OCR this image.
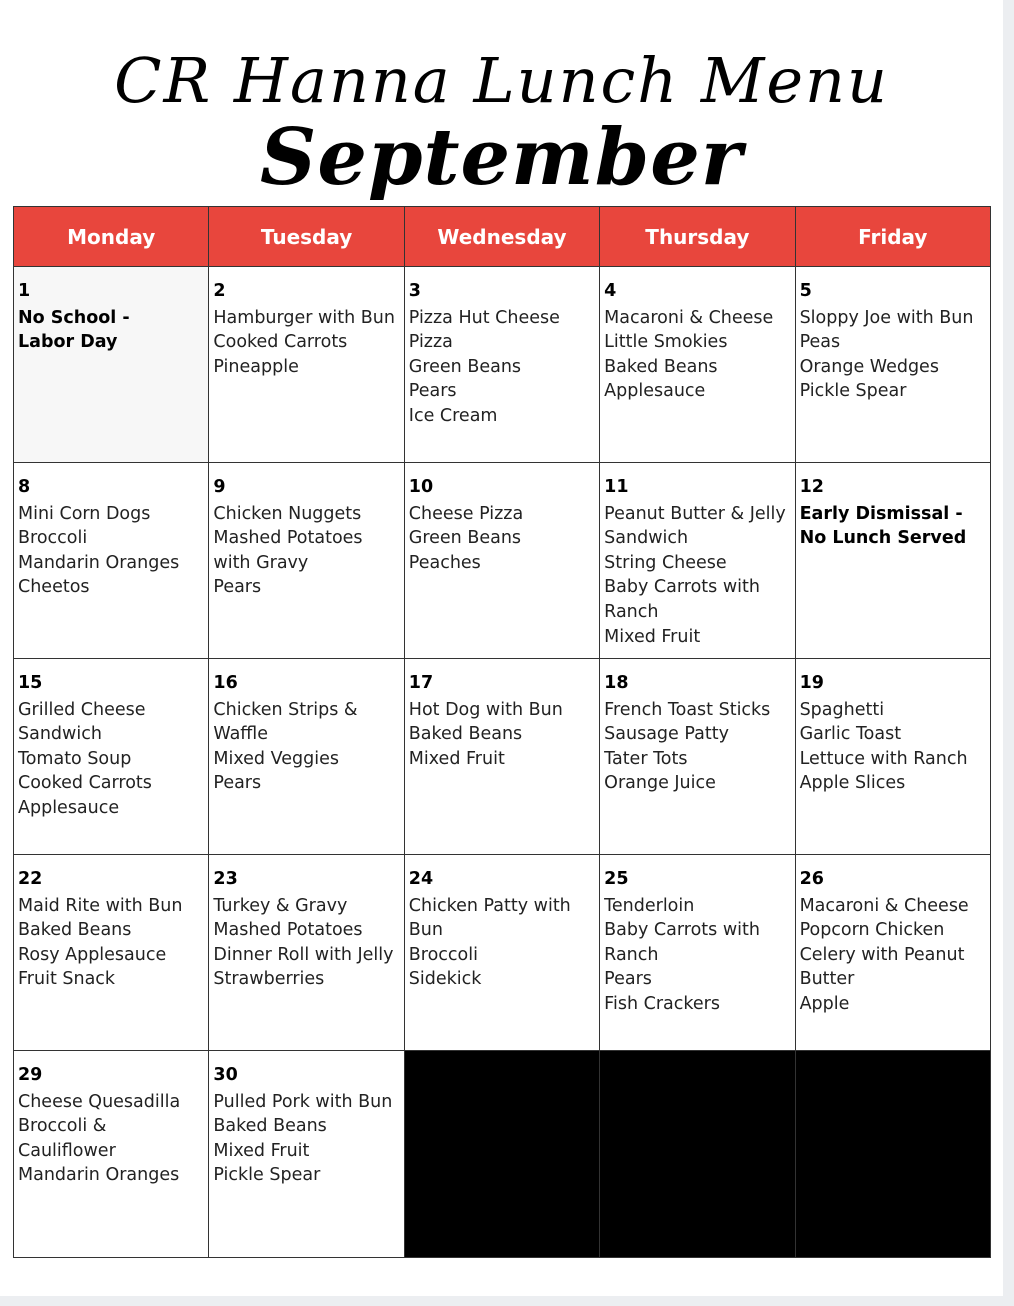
CR Hanna Lunch Menu
September
Monday	Tuesday	Wednesday	Thursday	Friday

1
No School -
Labor Day	2
Hamburger with Bun
Cooked Carrots
Pineapple	3
Pizza Hut Cheese Pizza
Green Beans
Pears
Ice Cream	4
Macaroni & Cheese
Little Smokies
Baked Beans
Applesauce	5
Sloppy Joe with Bun
Peas
Orange Wedges
Pickle Spear

8
Mini Corn Dogs
Broccoli
Mandarin Oranges
Cheetos	9
Chicken Nuggets
Mashed Potatoes with Gravy
Pears	10
Cheese Pizza
Green Beans
Peaches	11
Peanut Butter & Jelly Sandwich
String Cheese
Baby Carrots with Ranch
Mixed Fruit	12
Early Dismissal -
No Lunch Served

15
Grilled Cheese Sandwich
Tomato Soup
Cooked Carrots
Applesauce	16
Chicken Strips & Waffle
Mixed Veggies
Pears	17
Hot Dog with Bun
Baked Beans
Mixed Fruit	18
French Toast Sticks
Sausage Patty
Tater Tots
Orange Juice	19
Spaghetti
Garlic Toast
Lettuce with Ranch
Apple Slices

22
Maid Rite with Bun
Baked Beans
Rosy Applesauce
Fruit Snack	23
Turkey & Gravy
Mashed Potatoes
Dinner Roll with Jelly
Strawberries	24
Chicken Patty with Bun
Broccoli
Sidekick	25
Tenderloin
Baby Carrots with Ranch
Pears
Fish Crackers	26
Macaroni & Cheese
Popcorn Chicken
Celery with Peanut Butter
Apple

29
Cheese Quesadilla
Broccoli & Cauliflower
Mandarin Oranges	30
Pulled Pork with Bun
Baked Beans
Mixed Fruit
Pickle Spear			
